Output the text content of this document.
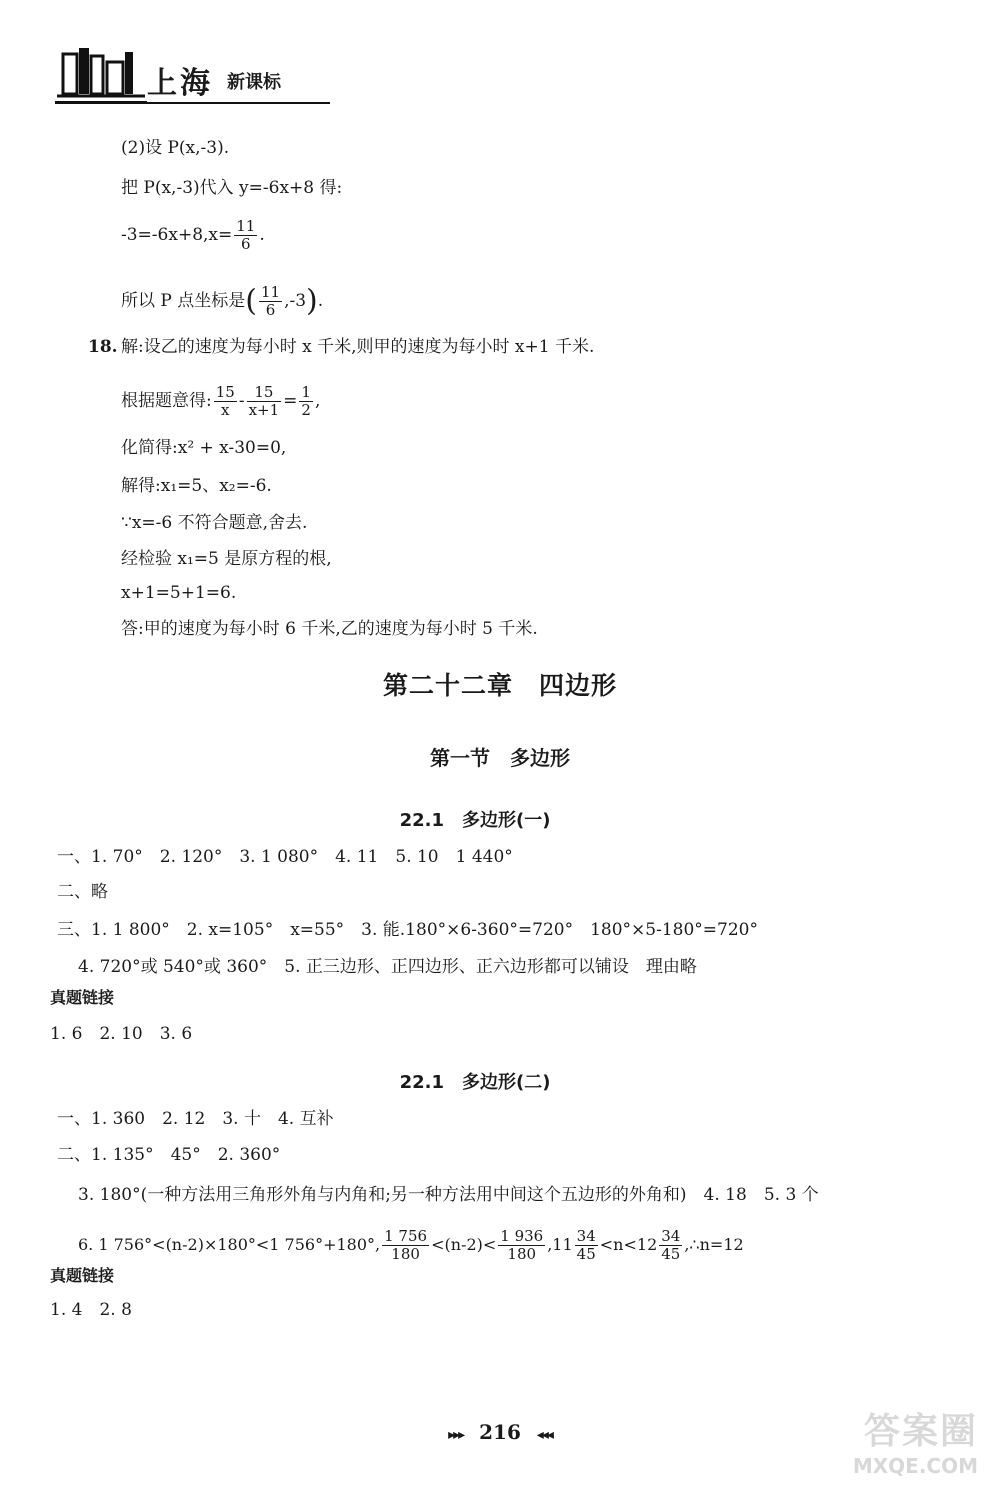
上海 新课标
(2)设 P(x,-3).
把 P(x,-3)代入 y=-6x+8 得:
$-3=-6x+8,x= \frac{11}{6}$ .
所以 P 点坐标是( $\frac{11}{6} ,-3$).
18. 解:设乙的速度为每小时 x 千米,则甲的速度为每小时 x+1 千米.
根据题意得: $\frac{15}{x} - \frac{15}{x+1} = \frac{1}{2}$ ,
化简得:x² + x-30=0,
解得:x₁=5、x₂=-6.
∵x=-6 不符合题意,舍去.
经检验 x₁=5 是原方程的根,
x+1=5+1=6.
答:甲的速度为每小时 6 千米,乙的速度为每小时 5 千米.
第二十二章　四边形
第一节　多边形
22.1　多边形(一)
一、1. 70°　2. 120°　3. 1 080°　4. 11　5. 10　1 440°
二、略
三、1. 1 800°　2. x=105°　x=55°　3. 能.180°×6-360°=720°　180°×5-180°=720°
4. 720°或 540°或 360°　5. 正三边形、正四边形、正六边形都可以铺设　理由略
真题链接
1. 6　2. 10　3. 6
22.1　多边形(二)
一、1. 360　2. 12　3. 十　4. 互补
二、1. 135°　45°　2. 360°
3. 180°(一种方法用三角形外角与内角和;另一种方法用中间这个五边形的外角和)　4. 18　5. 3 个
6. 1 756°<(n-2)×180°<1 756°+180°, $\frac{1 756}{180} <(n-2)< \frac{1 936}{180} ,11 \frac{34}{45} <n<12 \frac{34}{45}$ ,∴n=12
真题链接
1. 4　2. 8
▸▸▸ 216 ◂◂◂	答案圈
MXQE.COM
